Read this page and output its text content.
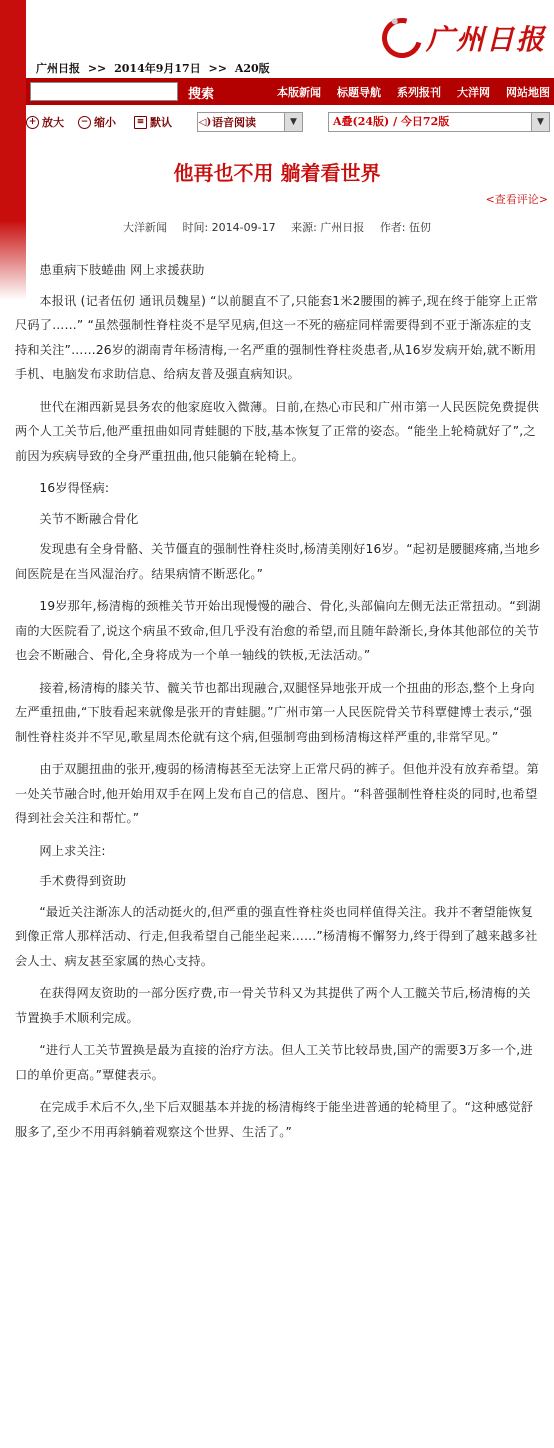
广州日报 >> 2014年9月17日 >> A20版
广州日报
搜索	本版新闻 标题导航 系列报刊 大洋网 网站地图
+ 放大	− 缩小	≡ 默认	◁) 语音阅读	▼	A叠(24版) / 今日72版	▼
他再也不用 躺着看世界
<查看评论>
大洋新闻 时间: 2014-09-17 来源: 广州日报 作者: 伍仞

患重病下肢蜷曲 网上求援获助

本报讯 (记者伍仞 通讯员魏星) “以前腿直不了,只能套1米2腰围的裤子,现在终于能穿上正常尺码了……” “虽然强制性脊柱炎不是罕见病,但这一不死的癌症同样需要得到不亚于渐冻症的支持和关注”……26岁的湖南青年杨清梅,一名严重的强制性脊柱炎患者,从16岁发病开始,就不断用手机、电脑发布求助信息、给病友普及强直病知识。

世代在湘西新晃县务农的他家庭收入微薄。日前,在热心市民和广州市第一人民医院免费提供两个人工关节后,他严重扭曲如同青蛙腿的下肢,基本恢复了正常的姿态。“能坐上轮椅就好了”,之前因为疾病导致的全身严重扭曲,他只能躺在轮椅上。

16岁得怪病:

关节不断融合骨化

发现患有全身骨骼、关节僵直的强制性脊柱炎时,杨清美刚好16岁。“起初是腰腿疼痛,当地乡间医院是在当风湿治疗。结果病情不断恶化。”

19岁那年,杨清梅的颈椎关节开始出现慢慢的融合、骨化,头部偏向左侧无法正常扭动。“到湖南的大医院看了,说这个病虽不致命,但几乎没有治愈的希望,而且随年龄渐长,身体其他部位的关节也会不断融合、骨化,全身将成为一个单一轴线的铁板,无法活动。”

接着,杨清梅的膝关节、髋关节也都出现融合,双腿怪异地张开成一个扭曲的形态,整个上身向左严重扭曲,“下肢看起来就像是张开的青蛙腿。”广州市第一人民医院骨关节科覃健博士表示,“强制性脊柱炎并不罕见,歌星周杰伦就有这个病,但强制弯曲到杨清梅这样严重的,非常罕见。”

由于双腿扭曲的张开,瘦弱的杨清梅甚至无法穿上正常尺码的裤子。但他并没有放弃希望。第一处关节融合时,他开始用双手在网上发布自己的信息、图片。“科普强制性脊柱炎的同时,也希望得到社会关注和帮忙。”

网上求关注:

手术费得到资助

“最近关注渐冻人的活动挺火的,但严重的强直性脊柱炎也同样值得关注。我并不奢望能恢复到像正常人那样活动、行走,但我希望自己能坐起来……”杨清梅不懈努力,终于得到了越来越多社会人士、病友甚至家属的热心支持。

在获得网友资助的一部分医疗费,市一骨关节科又为其提供了两个人工髋关节后,杨清梅的关节置换手术顺利完成。

“进行人工关节置换是最为直接的治疗方法。但人工关节比较昂贵,国产的需要3万多一个,进口的单价更高。”覃健表示。

在完成手术后不久,坐下后双腿基本并拢的杨清梅终于能坐进普通的轮椅里了。“这种感觉舒服多了,至少不用再斜躺着观察这个世界、生活了。”
